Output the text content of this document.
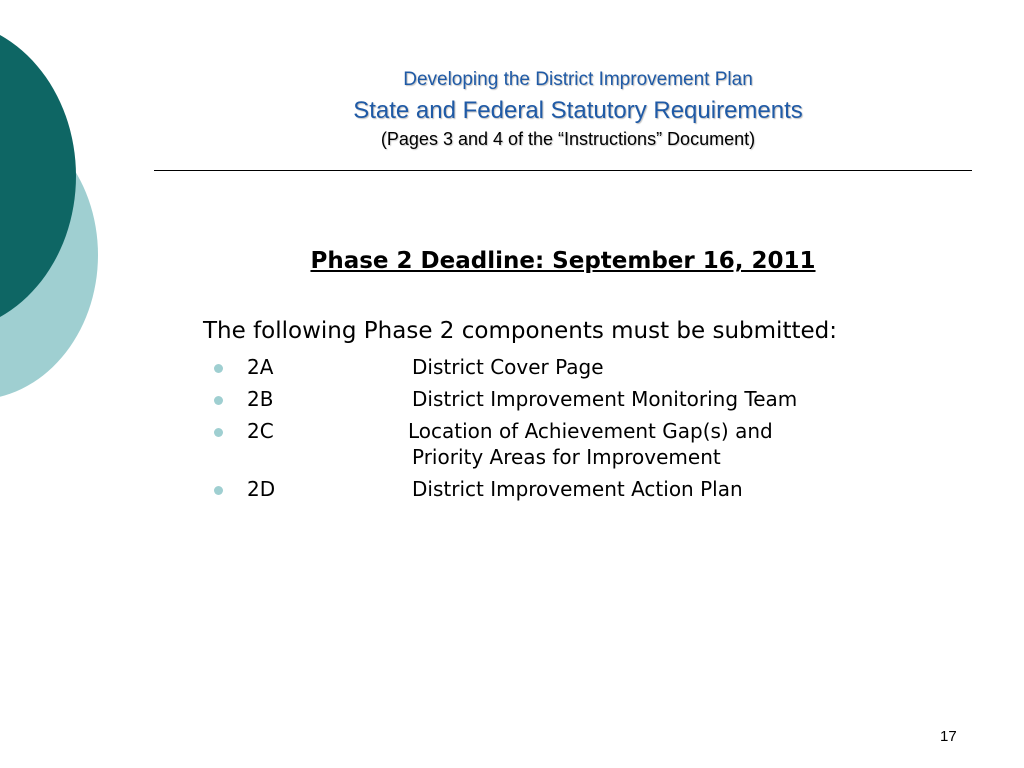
Developing the District Improvement Plan
State and Federal Statutory Requirements
(Pages 3 and 4 of the “Instructions” Document)
Phase 2 Deadline: September 16, 2011
The following Phase 2 components must be submitted:
2A	District Cover Page
2B	District Improvement Monitoring Team
2C	Location of Achievement Gap(s) and
Priority Areas for Improvement
2D	District Improvement Action Plan
17
